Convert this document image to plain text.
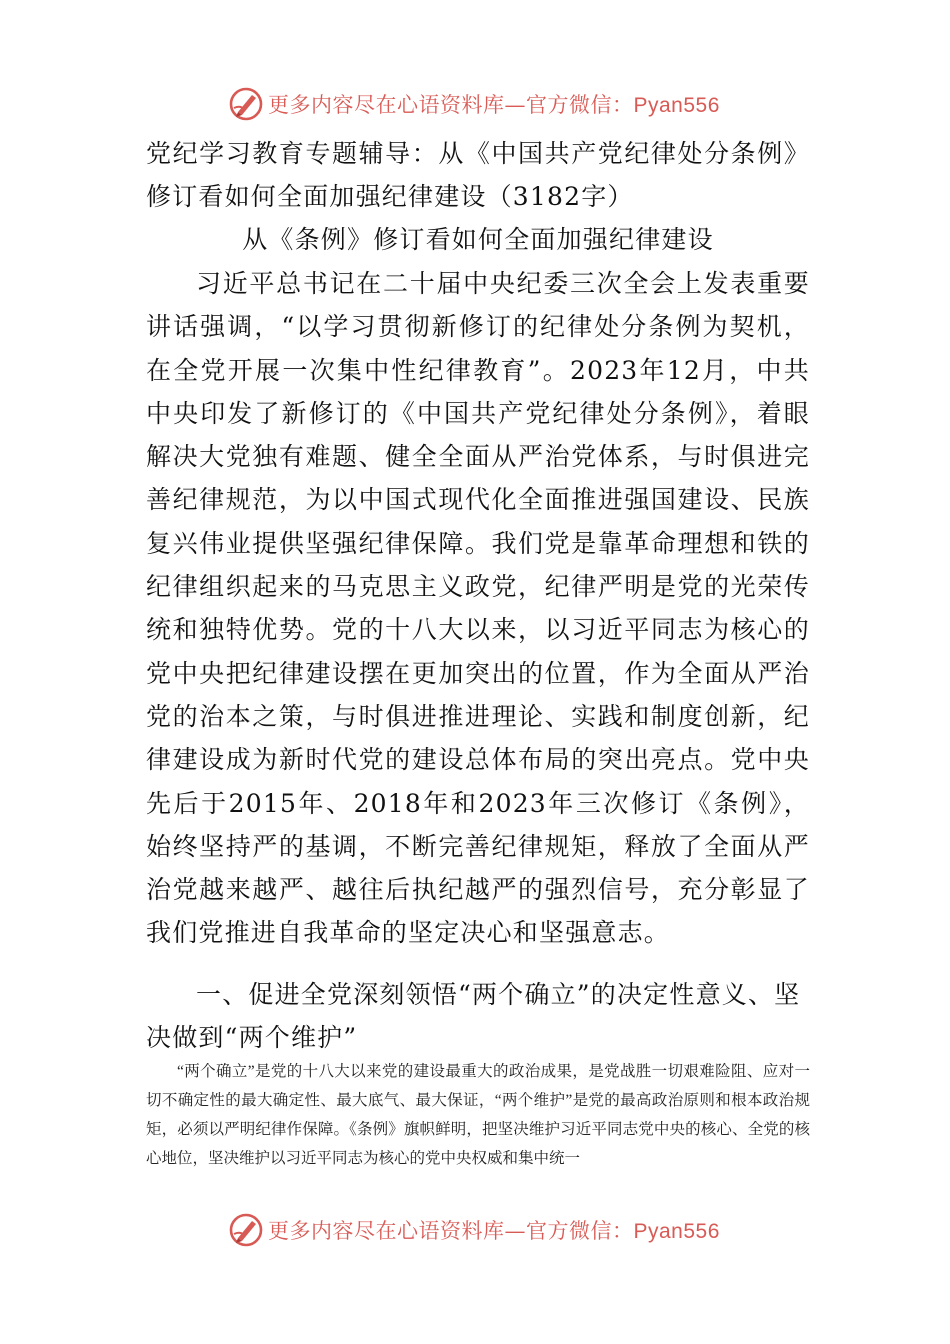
更多内容尽在心语资料库—官方微信：Pyan556

党纪学习教育专题辅导：从《中国共产党纪律处分条例》修订看如何全面加强纪律建设（3182字）

从《条例》修订看如何全面加强纪律建设

习近平总书记在二十届中央纪委三次全会上发表重要讲话强调，“以学习贯彻新修订的纪律处分条例为契机，在全党开展一次集中性纪律教育”。2023年12月，中共中央印发了新修订的《中国共产党纪律处分条例》，着眼解决大党独有难题、健全全面从严治党体系，与时俱进完善纪律规范，为以中国式现代化全面推进强国建设、民族复兴伟业提供坚强纪律保障。我们党是靠革命理想和铁的纪律组织起来的马克思主义政党，纪律严明是党的光荣传统和独特优势。党的十八大以来，以习近平同志为核心的党中央把纪律建设摆在更加突出的位置，作为全面从严治党的治本之策，与时俱进推进理论、实践和制度创新，纪律建设成为新时代党的建设总体布局的突出亮点。党中央先后于2015年、2018年和2023年三次修订《条例》，始终坚持严的基调，不断完善纪律规矩，释放了全面从严治党越来越严、越往后执纪越严的强烈信号，充分彰显了我们党推进自我革命的坚定决心和坚强意志。

一、促进全党深刻领悟“两个确立”的决定性意义、坚决做到“两个维护”

“两个确立”是党的十八大以来党的建设最重大的政治成果，是党战胜一切艰难险阻、应对一切不确定性的最大确定性、最大底气、最大保证，“两个维护”是党的最高政治原则和根本政治规矩，必须以严明纪律作保障。《条例》旗帜鲜明，把坚决维护习近平同志党中央的核心、全党的核心地位，坚决维护以习近平同志为核心的党中央权威和集中统一

更多内容尽在心语资料库—官方微信：Pyan556
